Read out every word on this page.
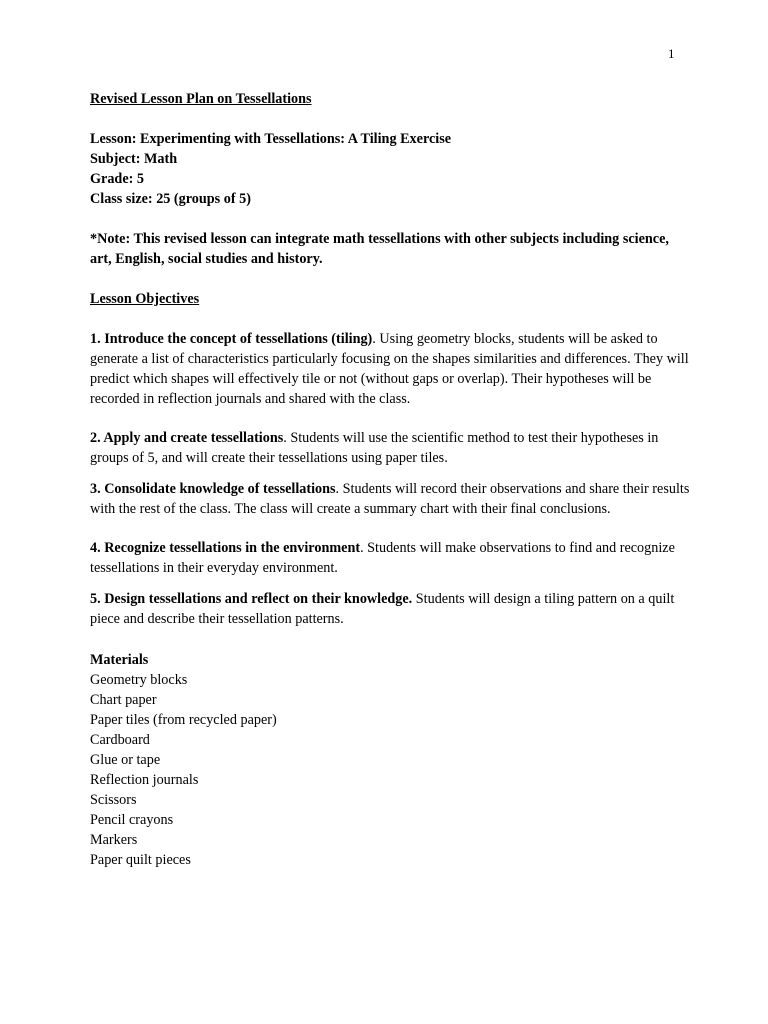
1

Revised Lesson Plan on Tessellations

Lesson: Experimenting with Tessellations: A Tiling Exercise

Subject: Math

Grade: 5

Class size: 25 (groups of 5)

*Note: This revised lesson can integrate math tessellations with other subjects including science, art, English, social studies and history.

Lesson Objectives

1. Introduce the concept of tessellations (tiling). Using geometry blocks, students will be asked to generate a list of characteristics particularly focusing on the shapes similarities and differences. They will predict which shapes will effectively tile or not (without gaps or overlap). Their hypotheses will be recorded in reflection journals and shared with the class.

2. Apply and create tessellations. Students will use the scientific method to test their hypotheses in groups of 5, and will create their tessellations using paper tiles.

3. Consolidate knowledge of tessellations. Students will record their observations and share their results with the rest of the class. The class will create a summary chart with their final conclusions.

4. Recognize tessellations in the environment. Students will make observations to find and recognize tessellations in their everyday environment.

5. Design tessellations and reflect on their knowledge. Students will design a tiling pattern on a quilt piece and describe their tessellation patterns.

Materials

Geometry blocks
Chart paper
Paper tiles (from recycled paper)
Cardboard
Glue or tape
Reflection journals
Scissors
Pencil crayons
Markers
Paper quilt pieces
